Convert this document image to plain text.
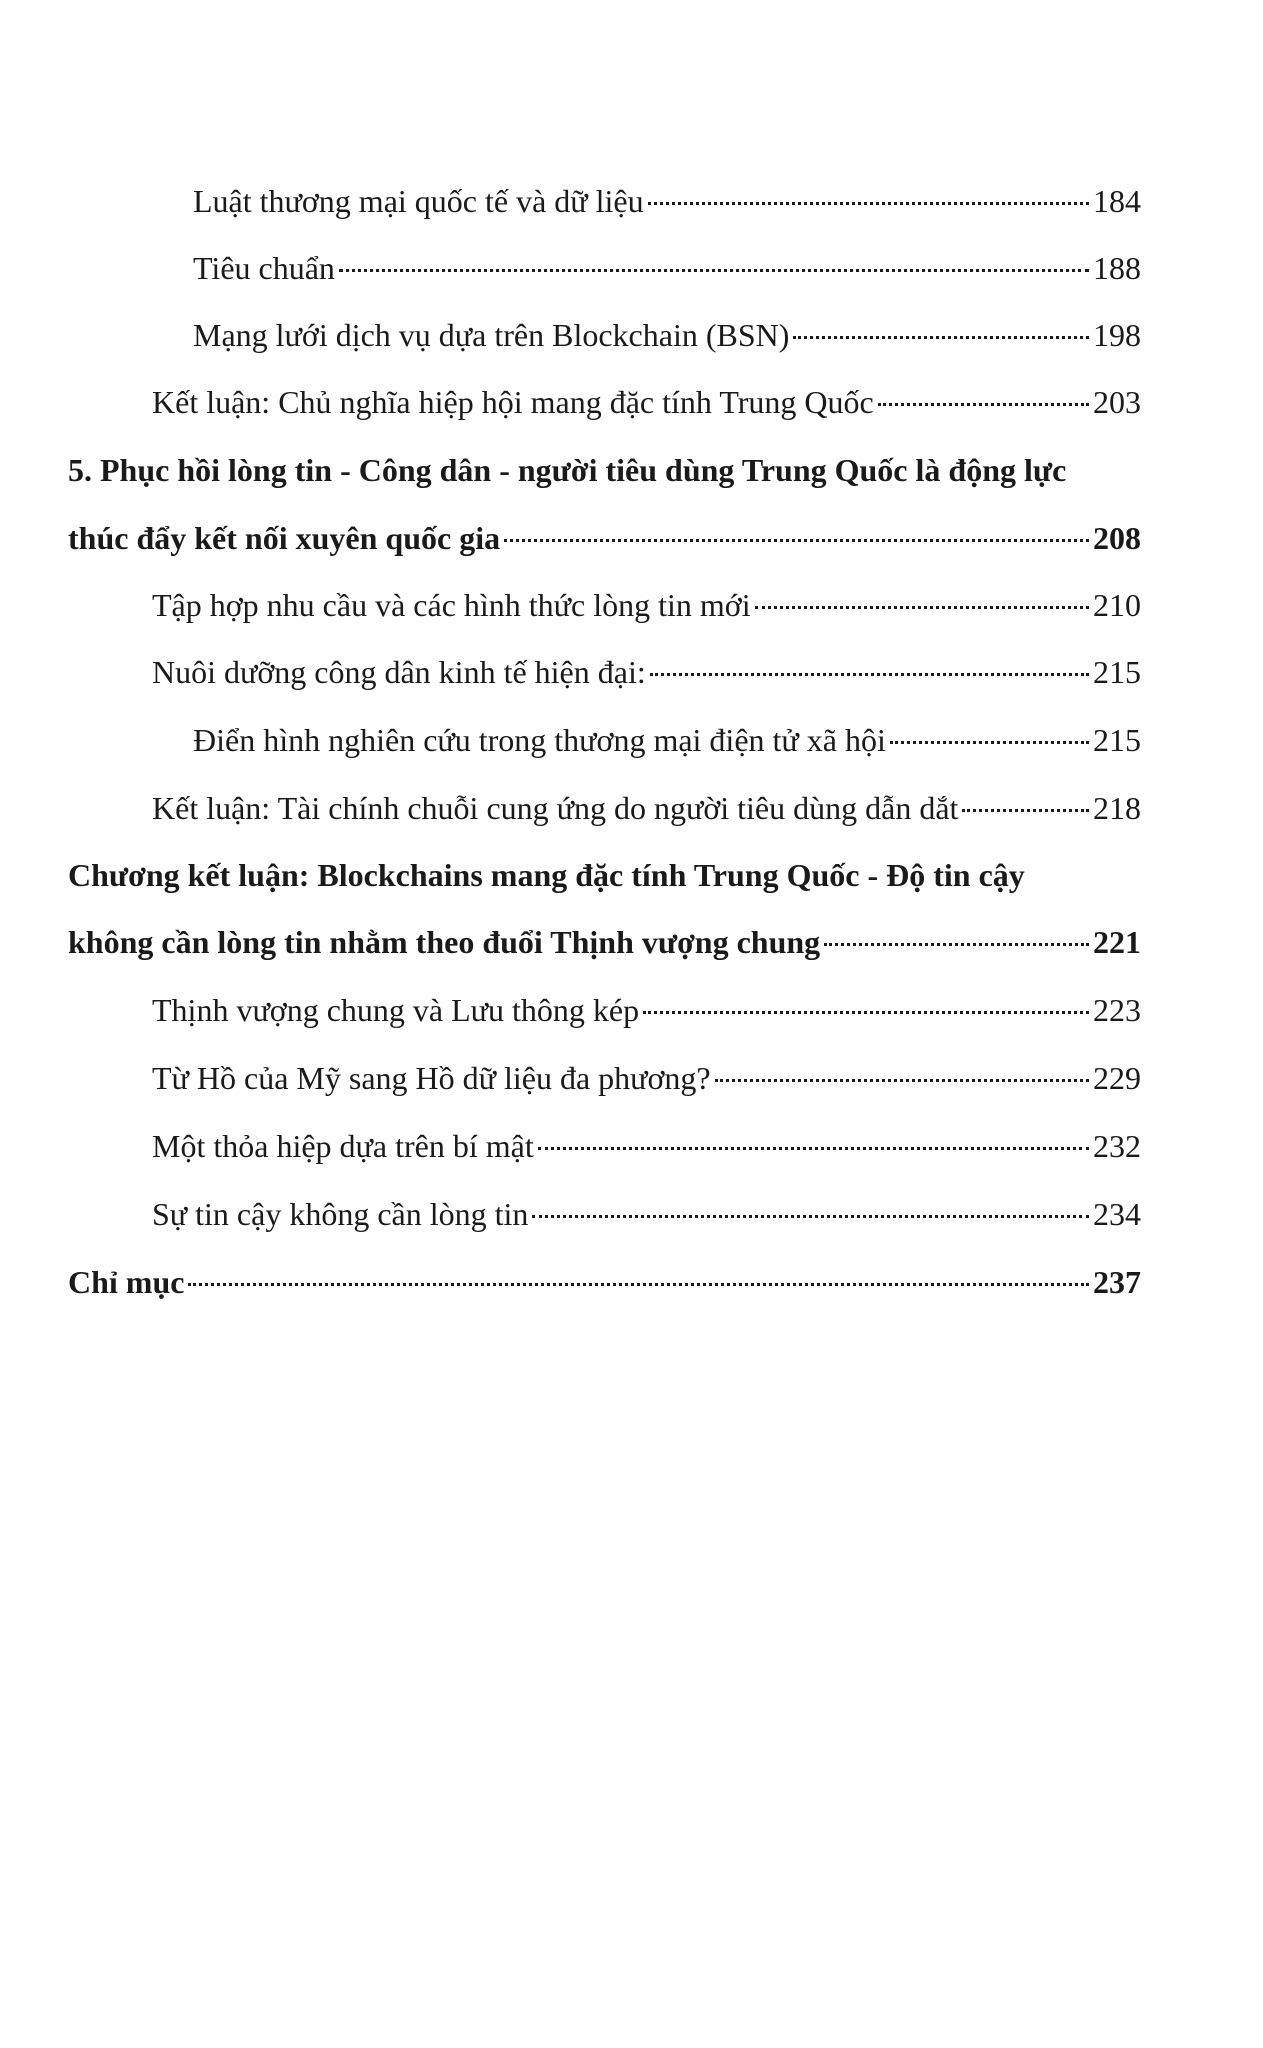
Luật thương mại quốc tế và dữ liệu	184
Tiêu chuẩn	188
Mạng lưới dịch vụ dựa trên Blockchain (BSN)	198
Kết luận: Chủ nghĩa hiệp hội mang đặc tính Trung Quốc	203
5. Phục hồi lòng tin - Công dân - người tiêu dùng Trung Quốc là động lực
thúc đẩy kết nối xuyên quốc gia	208
Tập hợp nhu cầu và các hình thức lòng tin mới	210
Nuôi dưỡng công dân kinh tế hiện đại:	215
Điển hình nghiên cứu trong thương mại điện tử xã hội	215
Kết luận: Tài chính chuỗi cung ứng do người tiêu dùng dẫn dắt	218
Chương kết luận: Blockchains mang đặc tính Trung Quốc - Độ tin cậy
không cần lòng tin nhằm theo đuổi Thịnh vượng chung	221
Thịnh vượng chung và Lưu thông kép	223
Từ Hồ của Mỹ sang Hồ dữ liệu đa phương?	229
Một thỏa hiệp dựa trên bí mật	232
Sự tin cậy không cần lòng tin	234
Chỉ mục	237
